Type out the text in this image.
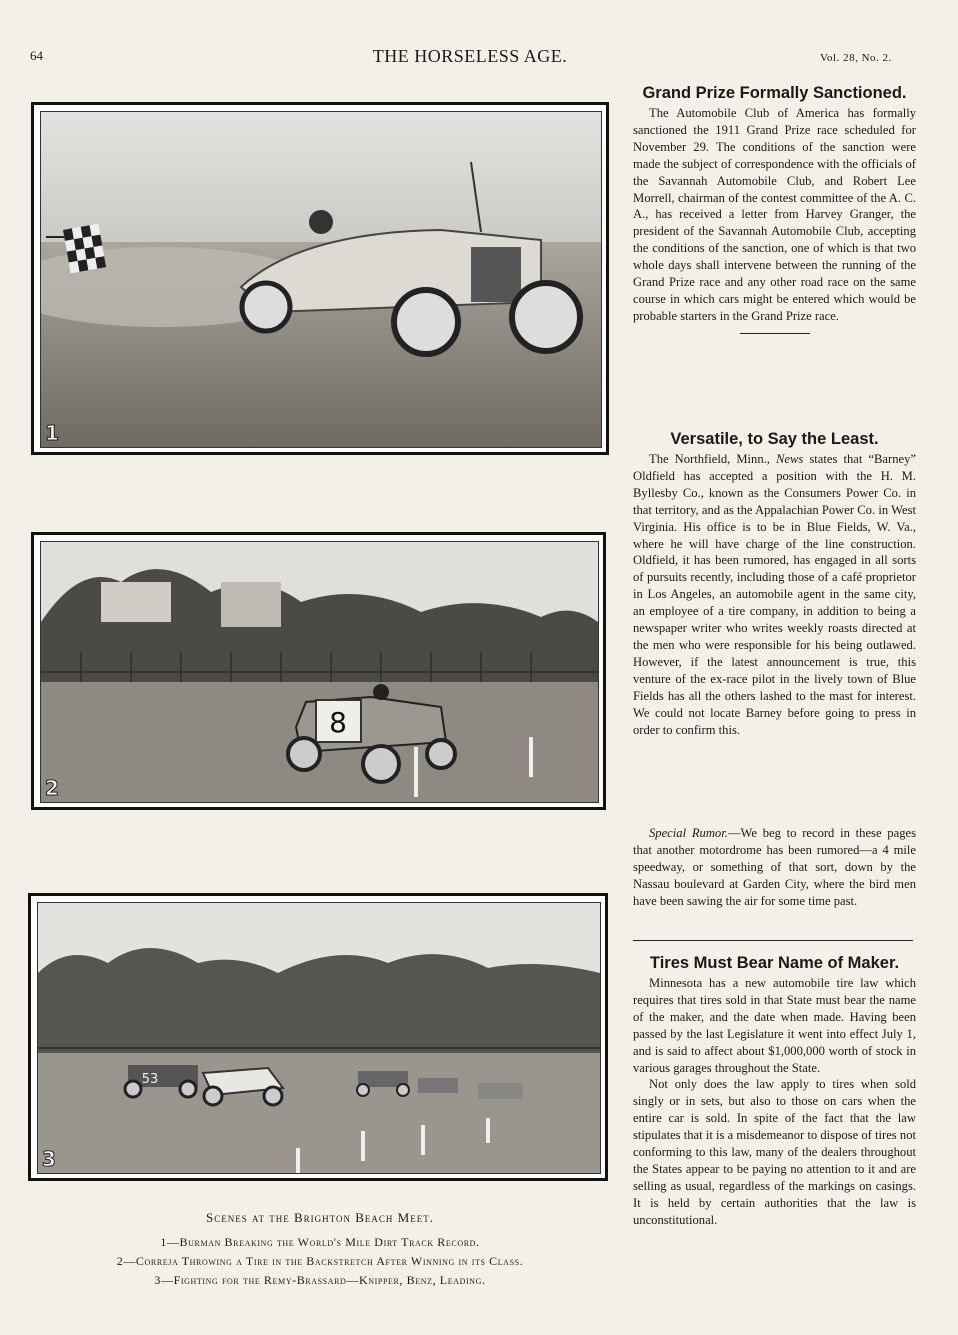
64	THE HORSELESS AGE.	Vol. 28, No. 2.
1
8
2
53
3
Scenes at the Brighton Beach Meet.
1—Burman Breaking the World's Mile Dirt Track Record.
2—Correja Throwing a Tire in the Backstretch After Winning in its Class.
3—Fighting for the Remy-Brassard—Knipper, Benz, Leading.
Grand Prize Formally Sanctioned.

The Automobile Club of America has formally sanctioned the 1911 Grand Prize race scheduled for November 29. The conditions of the sanction were made the subject of correspondence with the officials of the Savannah Automobile Club, and Robert Lee Morrell, chairman of the contest committee of the A. C. A., has received a letter from Harvey Granger, the president of the Savannah Automobile Club, accepting the conditions of the sanction, one of which is that two whole days shall intervene between the running of the Grand Prize race and any other road race on the same course in which cars might be entered which would be probable starters in the Grand Prize race.

Versatile, to Say the Least.

The Northfield, Minn., News states that “Barney” Oldfield has accepted a position with the H. M. Byllesby Co., known as the Consumers Power Co. in that territory, and as the Appalachian Power Co. in West Virginia. His office is to be in Blue Fields, W. Va., where he will have charge of the line construction. Oldfield, it has been rumored, has engaged in all sorts of pursuits recently, including those of a café proprietor in Los Angeles, an automobile agent in the same city, an employee of a tire company, in addition to being a newspaper writer who writes weekly roasts directed at the men who were responsible for his being outlawed. However, if the latest announcement is true, this venture of the ex-race pilot in the lively town of Blue Fields has all the others lashed to the mast for interest. We could not locate Barney before going to press in order to confirm this.

Special Rumor.—We beg to record in these pages that another motordrome has been rumored—a 4 mile speedway, or something of that sort, down by the Nassau boulevard at Garden City, where the bird men have been sawing the air for some time past.

Tires Must Bear Name of Maker.

Minnesota has a new automobile tire law which requires that tires sold in that State must bear the name of the maker, and the date when made. Having been passed by the last Legislature it went into effect July 1, and is said to affect about $1,000,000 worth of stock in various garages throughout the State.

Not only does the law apply to tires when sold singly or in sets, but also to those on cars when the entire car is sold. In spite of the fact that the law stipulates that it is a misdemeanor to dispose of tires not conforming to this law, many of the dealers throughout the States appear to be paying no attention to it and are selling as usual, regardless of the markings on casings. It is held by certain authorities that the law is unconstitutional.
